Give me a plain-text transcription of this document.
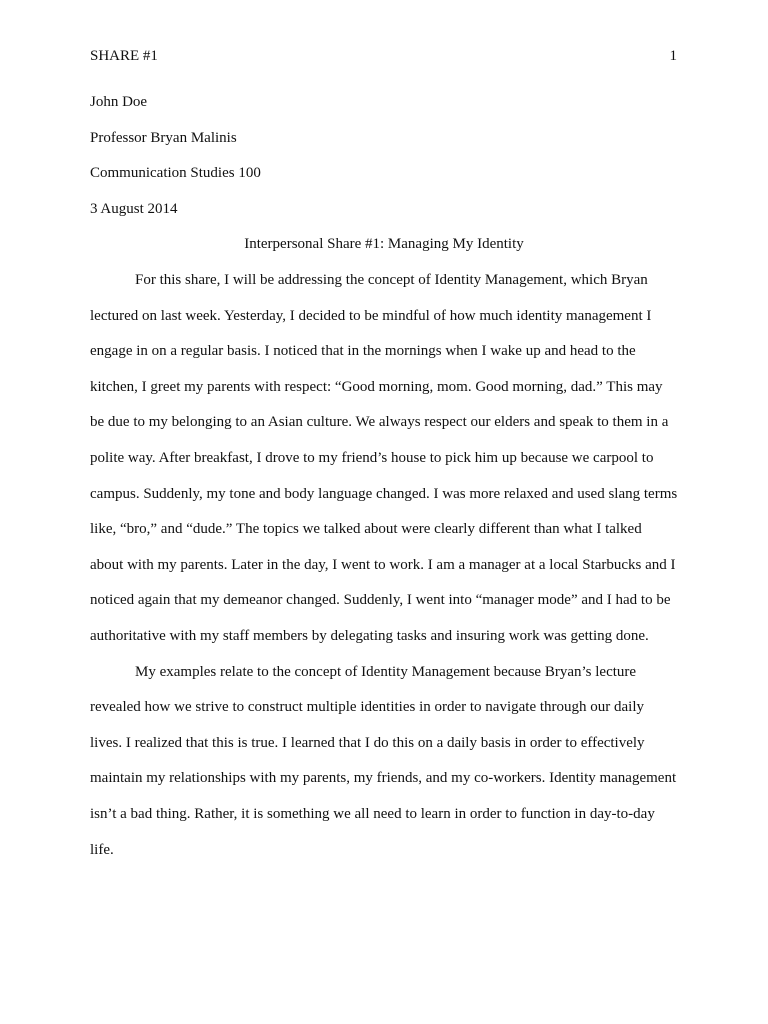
SHARE #1	1
John Doe
Professor Bryan Malinis
Communication Studies 100
3 August 2014
Interpersonal Share #1: Managing My Identity

For this share, I will be addressing the concept of Identity Management, which Bryan lectured on last week. Yesterday, I decided to be mindful of how much identity management I engage in on a regular basis. I noticed that in the mornings when I wake up and head to the kitchen, I greet my parents with respect: “Good morning, mom. Good morning, dad.” This may be due to my belonging to an Asian culture. We always respect our elders and speak to them in a polite way. After breakfast, I drove to my friend’s house to pick him up because we carpool to campus. Suddenly, my tone and body language changed. I was more relaxed and used slang terms like, “bro,” and “dude.” The topics we talked about were clearly different than what I talked about with my parents. Later in the day, I went to work. I am a manager at a local Starbucks and I noticed again that my demeanor changed. Suddenly, I went into “manager mode” and I had to be authoritative with my staff members by delegating tasks and insuring work was getting done.

My examples relate to the concept of Identity Management because Bryan’s lecture revealed how we strive to construct multiple identities in order to navigate through our daily lives. I realized that this is true. I learned that I do this on a daily basis in order to effectively maintain my relationships with my parents, my friends, and my co-workers. Identity management isn’t a bad thing. Rather, it is something we all need to learn in order to function in day-to-day life.
